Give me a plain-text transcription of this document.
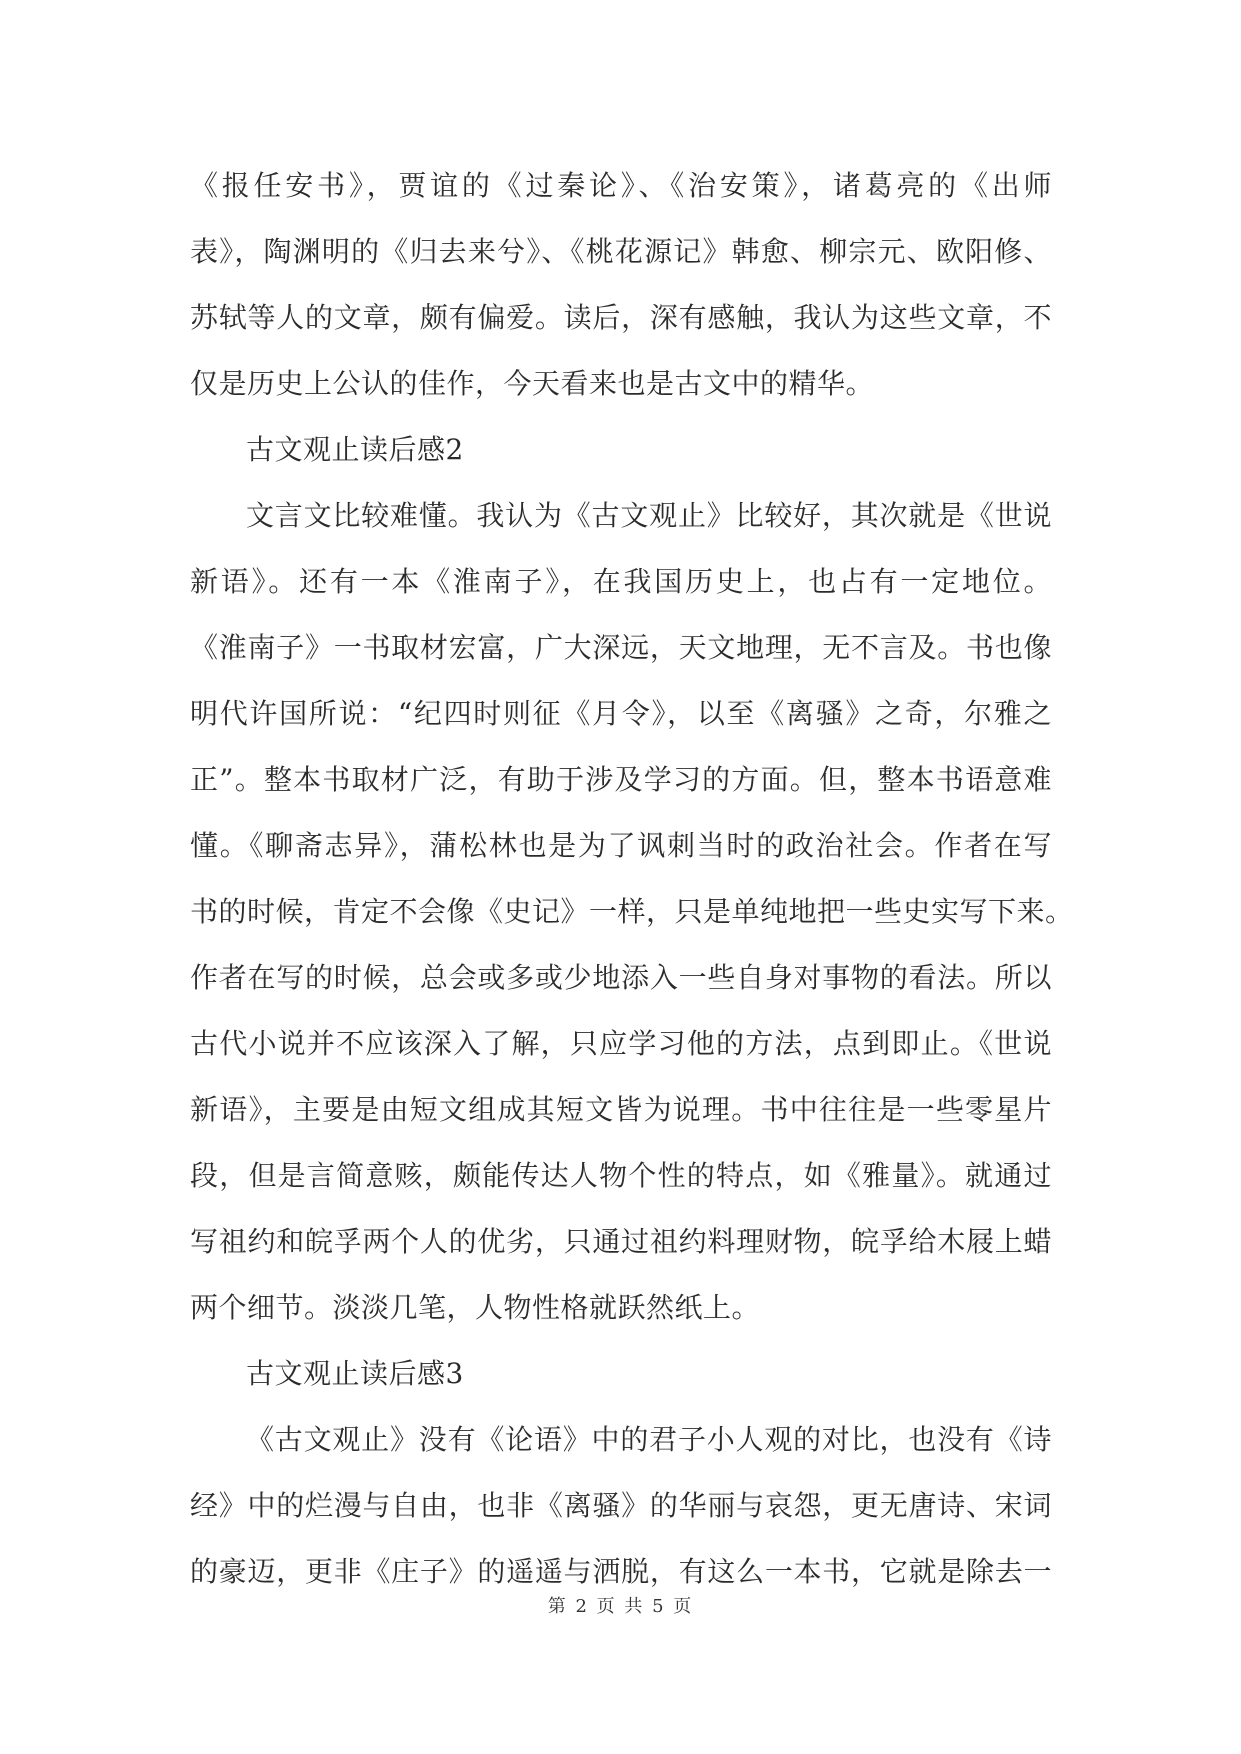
《报任安书》，贾谊的《过秦论》、《治安策》，诸葛亮的《出师
表》，陶渊明的《归去来兮》、《桃花源记》韩愈、柳宗元、欧阳修、
苏轼等人的文章，颇有偏爱。读后，深有感触，我认为这些文章，不
仅是历史上公认的佳作，今天看来也是古文中的精华。
古文观止读后感2
文言文比较难懂。我认为《古文观止》比较好，其次就是《世说
新语》。还有一本《淮南子》，在我国历史上，也占有一定地位。
《淮南子》一书取材宏富，广大深远，天文地理，无不言及。书也像
明代许国所说：“纪四时则征《月令》，以至《离骚》之奇，尔雅之
正”。整本书取材广泛，有助于涉及学习的方面。但，整本书语意难
懂。《聊斋志异》，蒲松林也是为了讽刺当时的政治社会。作者在写
书的时候，肯定不会像《史记》一样，只是单纯地把一些史实写下来。
作者在写的时候，总会或多或少地添入一些自身对事物的看法。所以
古代小说并不应该深入了解，只应学习他的方法，点到即止。《世说
新语》，主要是由短文组成其短文皆为说理。书中往往是一些零星片
段，但是言简意赅，颇能传达人物个性的特点，如《雅量》。就通过
写祖约和皖孚两个人的优劣，只通过祖约料理财物，皖孚给木屐上蜡
两个细节。淡淡几笔，人物性格就跃然纸上。
古文观止读后感3
《古文观止》没有《论语》中的君子小人观的对比，也没有《诗
经》中的烂漫与自由，也非《离骚》的华丽与哀怨，更无唐诗、宋词
的豪迈，更非《庄子》的遥遥与洒脱，有这么一本书，它就是除去一
第 2 页 共 5 页
